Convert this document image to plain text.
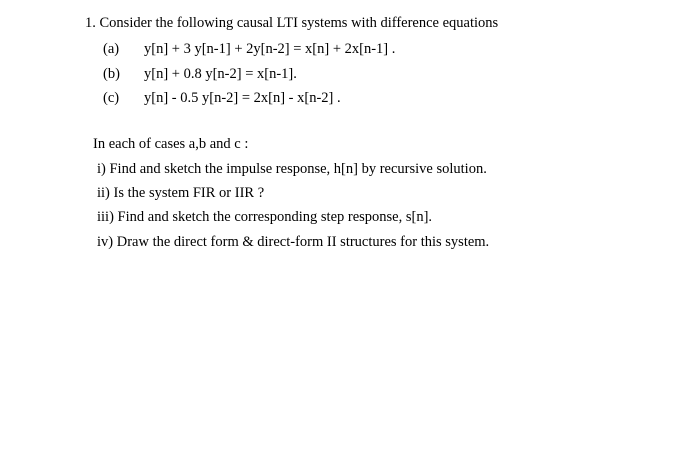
1. Consider the following causal LTI systems with difference equations
(a) y[n] + 3 y[n-1] + 2y[n-2] = x[n] + 2x[n-1] .
(b) y[n] + 0.8 y[n-2] = x[n-1].
(c) y[n] - 0.5 y[n-2] = 2x[n] - x[n-2] .
In each of cases a,b and c :
i) Find and sketch the impulse response, h[n] by recursive solution.
ii) Is the system FIR or IIR ?
iii) Find and sketch the corresponding step response, s[n].
iv) Draw the direct form & direct-form II structures for this system.
